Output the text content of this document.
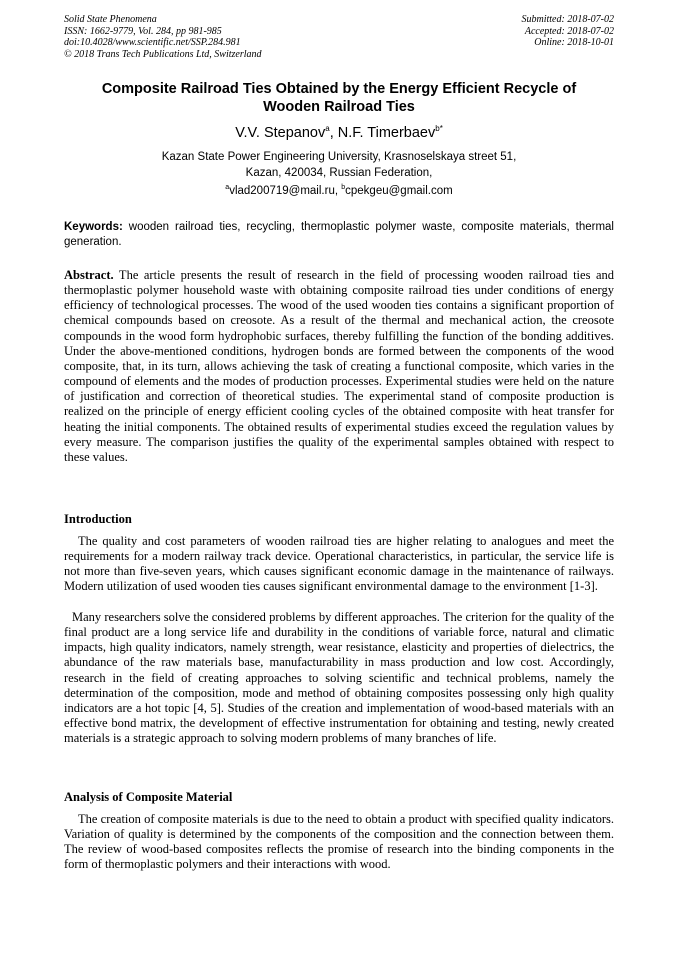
Solid State Phenomena
ISSN: 1662-9779, Vol. 284, pp 981-985
doi:10.4028/www.scientific.net/SSP.284.981
© 2018 Trans Tech Publications Ltd, Switzerland
Submitted: 2018-07-02
Accepted: 2018-07-02
Online: 2018-10-01
Composite Railroad Ties Obtained by the Energy Efficient Recycle of
Wooden Railroad Ties
V.V. Stepanov$^a$, N.F. Timerbaev$^{b*}$
Kazan State Power Engineering University, Krasnoselskaya street 51,
Kazan, 420034, Russian Federation,
$^a$vlad200719@mail.ru, $^b$cpekgeu@gmail.com
Keywords: wooden railroad ties, recycling, thermoplastic polymer waste, composite materials, thermal generation.
Abstract. The article presents the result of research in the field of processing wooden railroad ties and thermoplastic polymer household waste with obtaining composite railroad ties under conditions of energy efficiency of technological processes. The wood of the used wooden ties contains a significant proportion of chemical compounds based on creosote. As a result of the thermal and mechanical action, the creosote compounds in the wood form hydrophobic surfaces, thereby fulfilling the function of the bonding additives. Under the above-mentioned conditions, hydrogen bonds are formed between the components of the wood composite, that, in its turn, allows achieving the task of creating a functional composite, which varies in the compound of elements and the modes of production processes. Experimental studies were held on the nature of justification and correction of theoretical studies. The experimental stand of composite production is realized on the principle of energy efficient cooling cycles of the obtained composite with heat transfer for heating the initial components. The obtained results of experimental studies exceed the regulation values by every measure. The comparison justifies the quality of the experimental samples obtained with respect to these values.
Introduction
The quality and cost parameters of wooden railroad ties are higher relating to analogues and meet the requirements for a modern railway track device. Operational characteristics, in particular, the service life is not more than five-seven years, which causes significant economic damage in the maintenance of railways. Modern utilization of used wooden ties causes significant environmental damage to the environment [1-3].
Many researchers solve the considered problems by different approaches. The criterion for the quality of the final product are a long service life and durability in the conditions of variable force, natural and climatic impacts, high quality indicators, namely strength, wear resistance, elasticity and properties of dielectrics, the abundance of the raw materials base, manufacturability in mass production and low cost. Accordingly, research in the field of creating approaches to solving scientific and technical problems, namely the determination of the composition, mode and method of obtaining composites possessing only high quality indicators are a hot topic [4, 5]. Studies of the creation and implementation of wood-based materials with an effective bond matrix, the development of effective instrumentation for obtaining and testing, newly created materials is a strategic approach to solving modern problems of many branches of life.
Analysis of Composite Material
The creation of composite materials is due to the need to obtain a product with specified quality indicators. Variation of quality is determined by the components of the composition and the connection between them. The review of wood-based composites reflects the promise of research into the binding components in the form of thermoplastic polymers and their interactions with wood.
